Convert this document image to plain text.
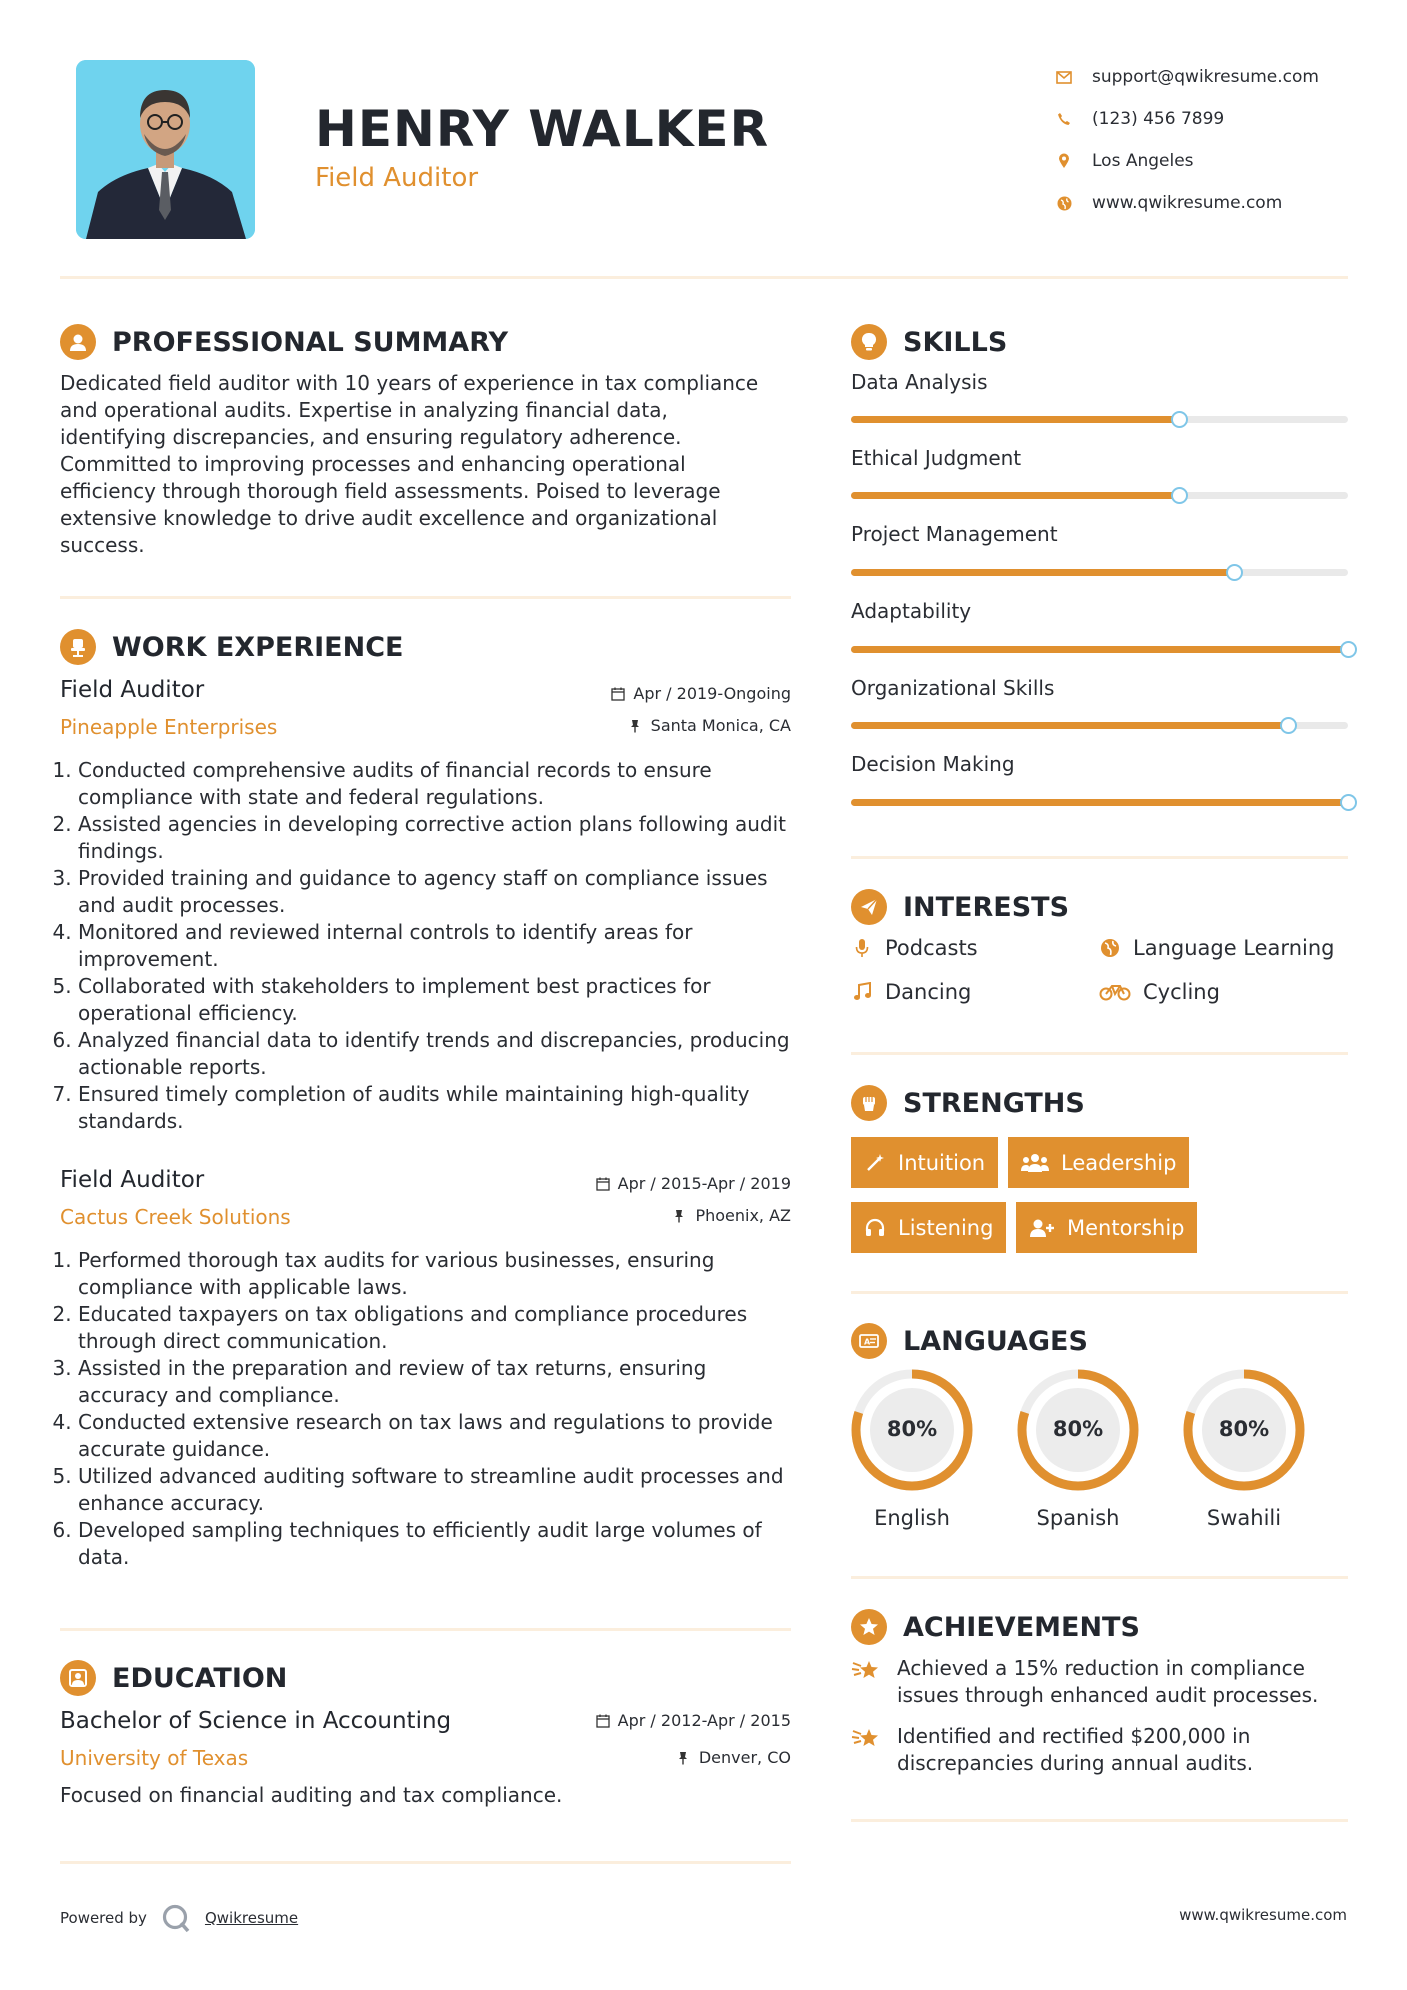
HENRY WALKER
Field Auditor
support@qwikresume.com
(123) 456 7899
Los Angeles
www.qwikresume.com
PROFESSIONAL SUMMARY
Dedicated field auditor with 10 years of experience in tax compliance
and operational audits. Expertise in analyzing financial data,
identifying discrepancies, and ensuring regulatory adherence.
Committed to improving processes and enhancing operational
efficiency through thorough field assessments. Poised to leverage
extensive knowledge to drive audit excellence and organizational
success.
WORK EXPERIENCE
Field Auditor
Pineapple Enterprises
Apr / 2019-Ongoing
Santa Monica, CA
1. Conducted comprehensive audits of financial records to ensure compliance with state and federal regulations.
2. Assisted agencies in developing corrective action plans following audit findings.
3. Provided training and guidance to agency staff on compliance issues and audit processes.
4. Monitored and reviewed internal controls to identify areas for improvement.
5. Collaborated with stakeholders to implement best practices for operational efficiency.
6. Analyzed financial data to identify trends and discrepancies, producing actionable reports.
7. Ensured timely completion of audits while maintaining high-quality standards.
Field Auditor
Cactus Creek Solutions
Apr / 2015-Apr / 2019
Phoenix, AZ
1. Performed thorough tax audits for various businesses, ensuring compliance with applicable laws.
2. Educated taxpayers on tax obligations and compliance procedures through direct communication.
3. Assisted in the preparation and review of tax returns, ensuring accuracy and compliance.
4. Conducted extensive research on tax laws and regulations to provide accurate guidance.
5. Utilized advanced auditing software to streamline audit processes and enhance accuracy.
6. Developed sampling techniques to efficiently audit large volumes of data.
EDUCATION
Bachelor of Science in Accounting
University of Texas
Apr / 2012-Apr / 2015
Denver, CO
Focused on financial auditing and tax compliance.
SKILLS
Data Analysis
Ethical Judgment
Project Management
Adaptability
Organizational Skills
Decision Making
INTERESTS
Podcasts	Language Learning
Dancing	Cycling
STRENGTHS
Intuition	Leadership
Listening	Mentorship
A LANGUAGES
80%
English
80%
Spanish
80%
Swahili
ACHIEVEMENTS
Achieved a 15% reduction in compliance
issues through enhanced audit processes.
Identified and rectified $200,000 in
discrepancies during annual audits.
Powered by	Qwikresume	www.qwikresume.com
